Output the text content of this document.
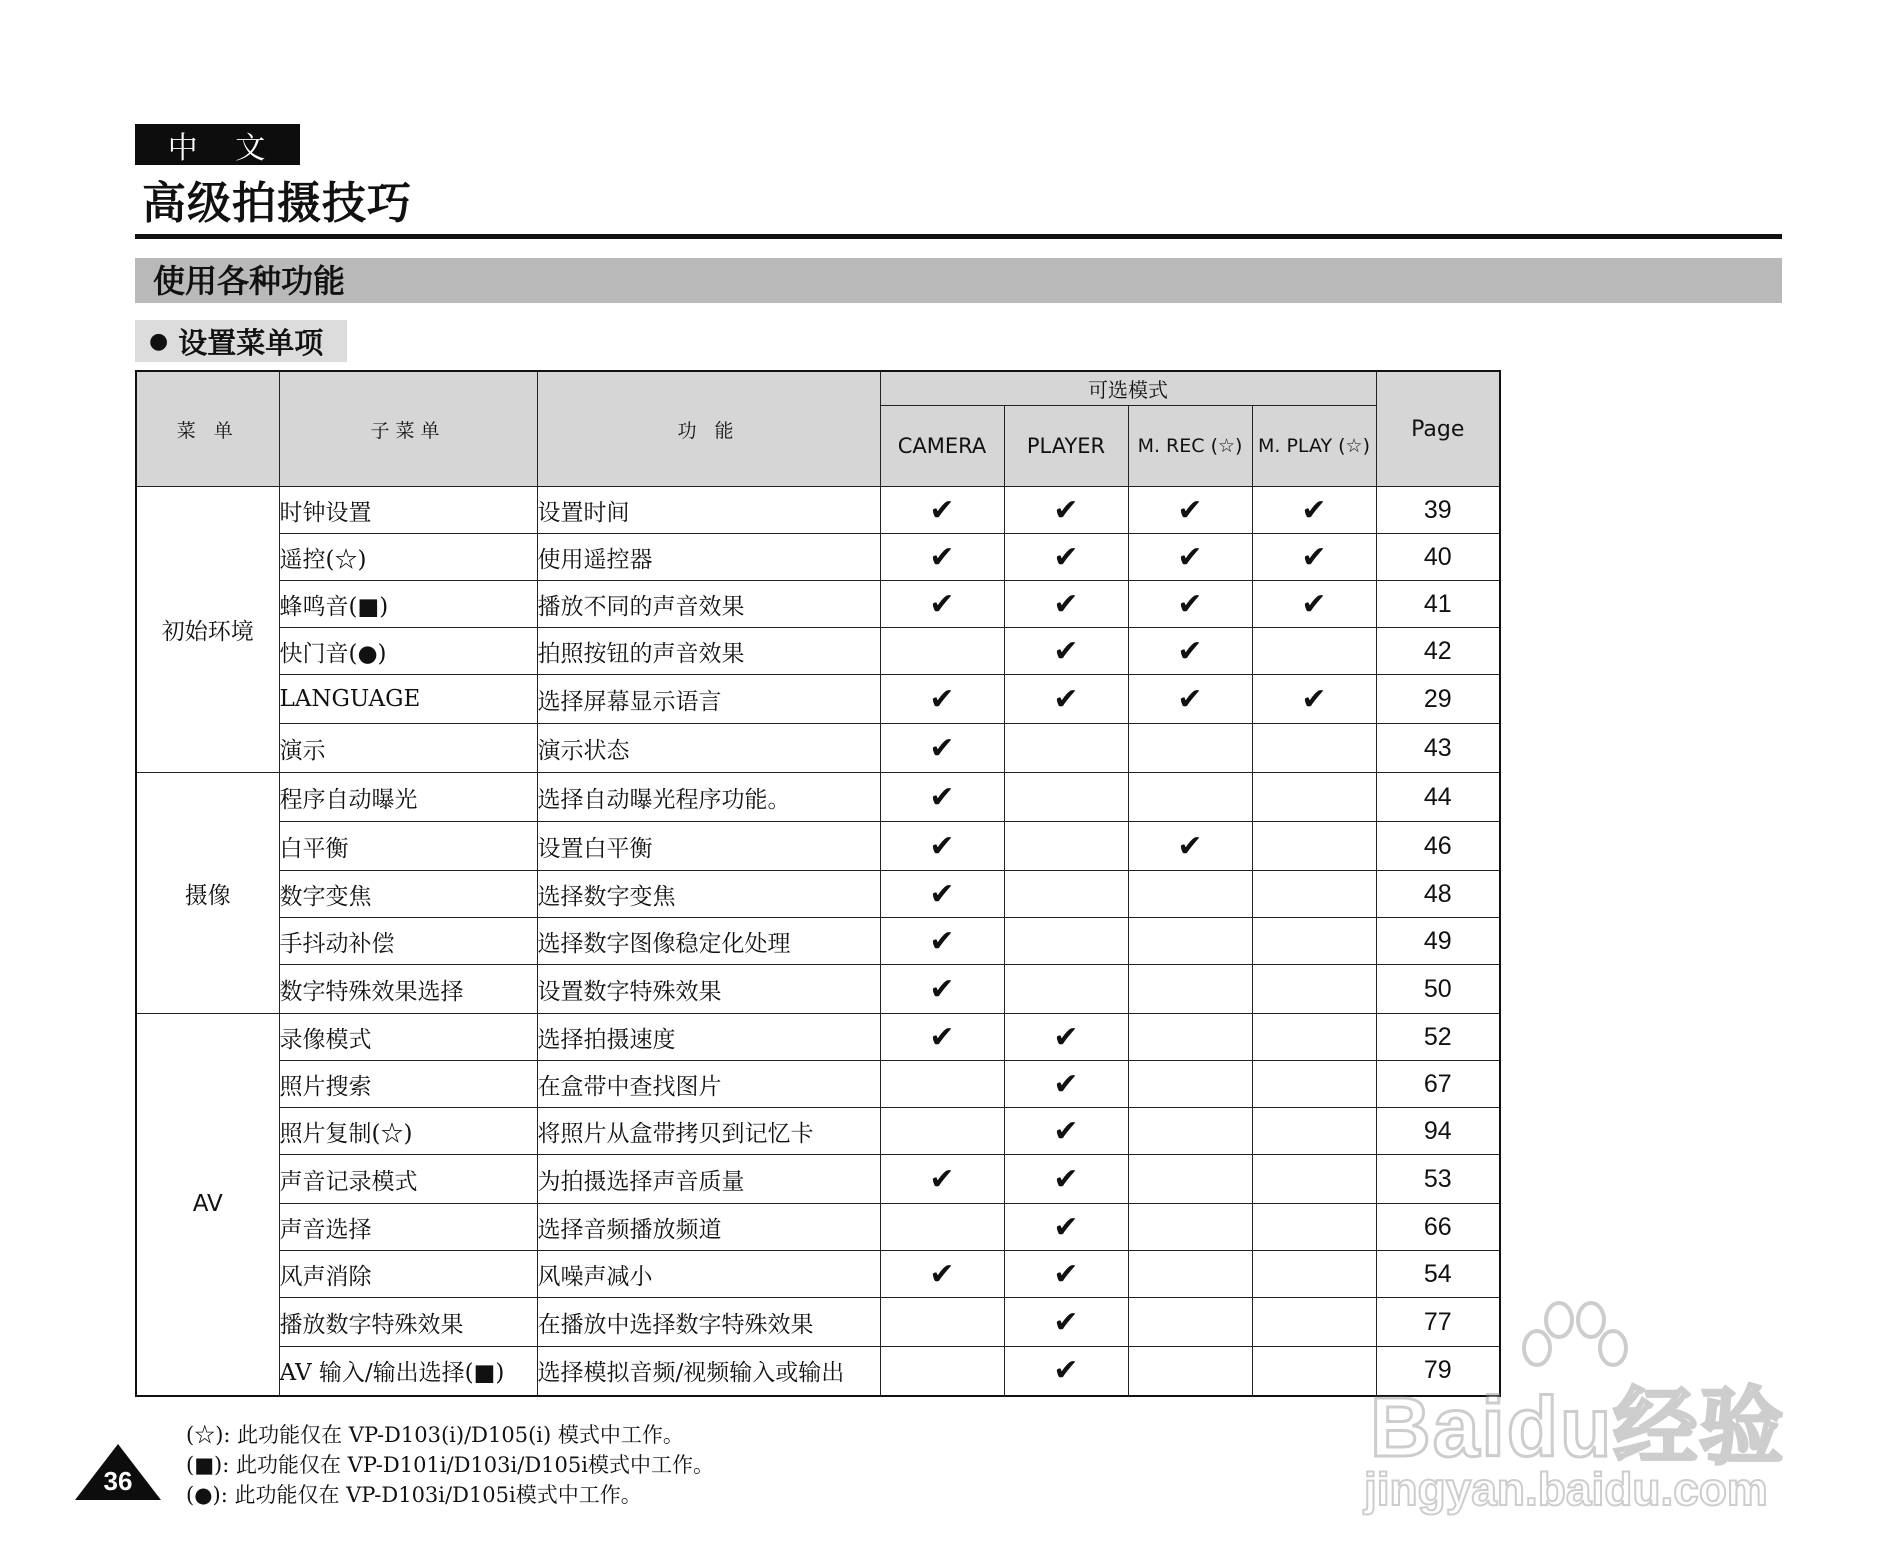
中 文
高级拍摄技巧
使用各种功能
● 设置菜单项
菜 单	子菜单	功 能	可选模式				Page
			CAMERA	PLAYER	M. REC (☆)	M. PLAY (☆)	
初始环境	时钟设置	设置时间	✔	✔	✔	✔	39
	遥控(☆)	使用遥控器	✔	✔	✔	✔	40
	蜂鸣音(■)	播放不同的声音效果	✔	✔	✔	✔	41
	快门音(●)	拍照按钮的声音效果		✔	✔		42
	LANGUAGE	选择屏幕显示语言	✔	✔	✔	✔	29
	演示	演示状态	✔				43
摄像	程序自动曝光	选择自动曝光程序功能。	✔				44
	白平衡	设置白平衡	✔		✔		46
	数字变焦	选择数字变焦	✔				48
	手抖动补偿	选择数字图像稳定化处理	✔				49
	数字特殊效果选择	设置数字特殊效果	✔				50
AV	录像模式	选择拍摄速度	✔	✔			52
	照片搜索	在盒带中查找图片		✔			67
	照片复制(☆)	将照片从盒带拷贝到记忆卡		✔			94
	声音记录模式	为拍摄选择声音质量	✔	✔			53
	声音选择	选择音频播放频道		✔			66
	风声消除	风噪声减小	✔	✔			54
	播放数字特殊效果	在播放中选择数字特殊效果		✔			77
	AV 输入/输出选择(■)	选择模拟音频/视频输入或输出		✔			79
(☆): 此功能仅在 VP-D103(i)/D105(i) 模式中工作。
(■): 此功能仅在 VP-D101i/D103i/D105i模式中工作。
(●): 此功能仅在 VP-D103i/D105i模式中工作。
36
Baidu经验
jingyan.baidu.com
